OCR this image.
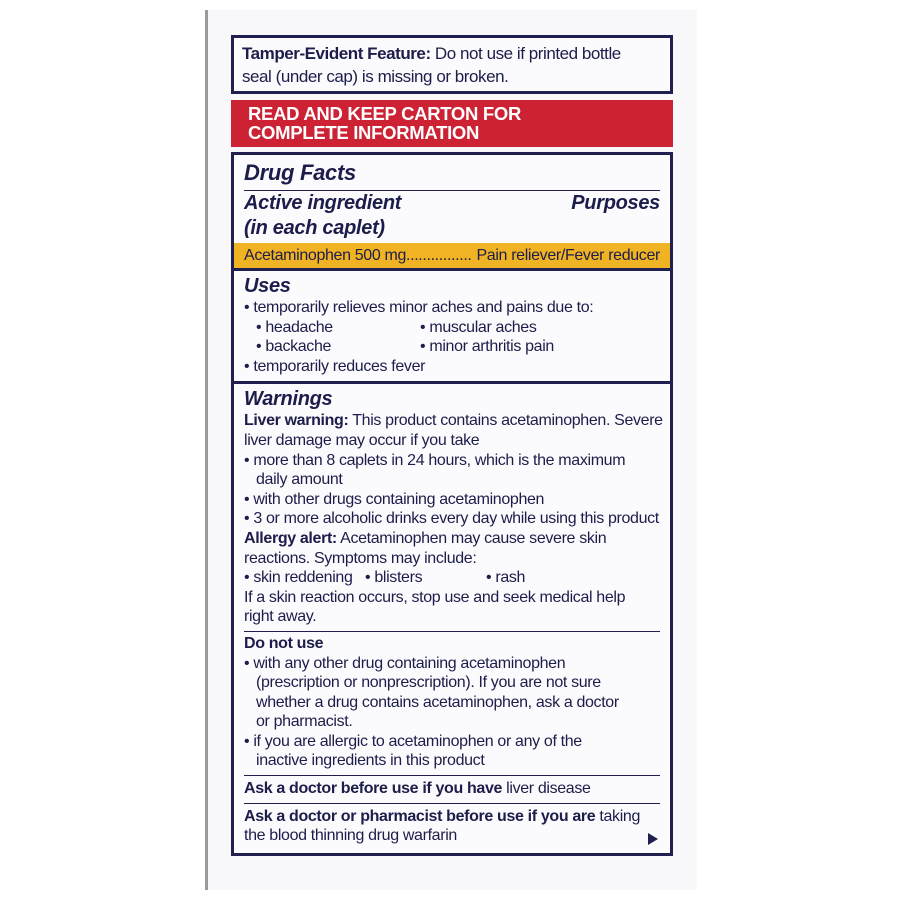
Tamper-Evident Feature: Do not use if printed bottle
seal (under cap) is missing or broken.
READ AND KEEP CARTON FOR
COMPLETE INFORMATION
Drug Facts
Active ingredient	Purposes
(in each caplet)
Acetaminophen 500 mg................ Pain reliever/Fever reducer
Uses
• temporarily relieves minor aches and pains due to:
• headache	• muscular aches
• backache	• minor arthritis pain
• temporarily reduces fever
Warnings
Liver warning: This product contains acetaminophen. Severe
liver damage may occur if you take
• more than 8 caplets in 24 hours, which is the maximum
daily amount
• with other drugs containing acetaminophen
• 3 or more alcoholic drinks every day while using this product
Allergy alert: Acetaminophen may cause severe skin
reactions. Symptoms may include:
• skin reddening • blisters	• rash
If a skin reaction occurs, stop use and seek medical help
right away.
Do not use
• with any other drug containing acetaminophen
(prescription or nonprescription). If you are not sure
whether a drug contains acetaminophen, ask a doctor
or pharmacist.
• if you are allergic to acetaminophen or any of the
inactive ingredients in this product
Ask a doctor before use if you have liver disease
Ask a doctor or pharmacist before use if you are taking
the blood thinning drug warfarin
